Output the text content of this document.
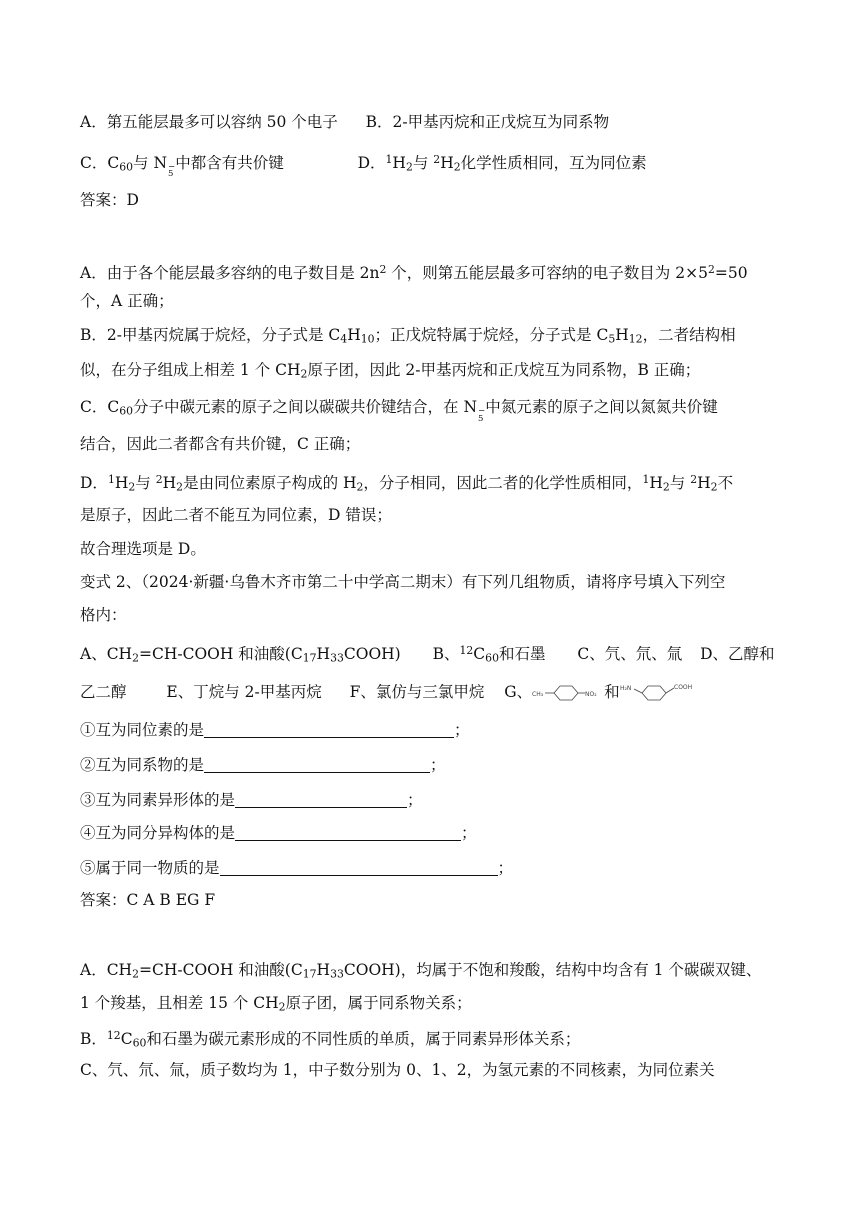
A．第五能层最多可以容纳 50 个电子 B．2-甲基丙烷和正戊烷互为同系物
C．$C_{60}$与 N −
5
中都含有共价键	D．$^1H_2$与 $^2H_2$化学性质相同，互为同位素
答案：D
A．由于各个能层最多容纳的电子数目是 $2n^2$ 个，则第五能层最多可容纳的电子数目为 $2\times 5^2=50$
个，A 正确；
B．2-甲基丙烷属于烷烃，分子式是 $C_4H_{10}$；正戊烷特属于烷烃，分子式是 $C_5H_{12}$，二者结构相
似，在分子组成上相差 1 个 $CH_2$原子团，因此 2-甲基丙烷和正戊烷互为同系物，B 正确；
C．$C_{60}$分子中碳元素的原子之间以碳碳共价键结合，在 N −
5
中氮元素的原子之间以氮氮共价键
结合，因此二者都含有共价键，C 正确；
D．$^1H_2$与 $^2H_2$是由同位素原子构成的 $H_2$，分子相同，因此二者的化学性质相同，$^1H_2$与 $^2H_2$不
是原子，因此二者不能互为同位素，D 错误；
故合理选项是 D。
变式 2、（2024·新疆·乌鲁木齐市第二十中学高二期末）有下列几组物质，请将序号填入下列空
格内：
A、$CH_2=CH$-COOH 和油酸$(C_{17}H_{33}COOH)$ B、$^{12}C_{60}$和石墨 C、氕、氘、氚 D、乙醇和
乙二醇	E、丁烷与 2-甲基丙烷 F、氯仿与三氯甲烷 G、 CH₃	NO₂ 和 H₂N	COOH
①互为同位素的是	；
②互为同系物的是	；
③互为同素异形体的是	；
④互为同分异构体的是	；
⑤属于同一物质的是	；
答案：C A B EG F
A．$CH_2=CH$-COOH 和油酸$(C_{17}H_{33}COOH)$，均属于不饱和羧酸，结构中均含有 1 个碳碳双键、
1 个羧基，且相差 15 个 $CH_2$原子团，属于同系物关系；
B．$^{12}C_{60}$和石墨为碳元素形成的不同性质的单质，属于同素异形体关系；
C、氕、氘、氚，质子数均为 1，中子数分别为 0、1、2，为氢元素的不同核素，为同位素关
